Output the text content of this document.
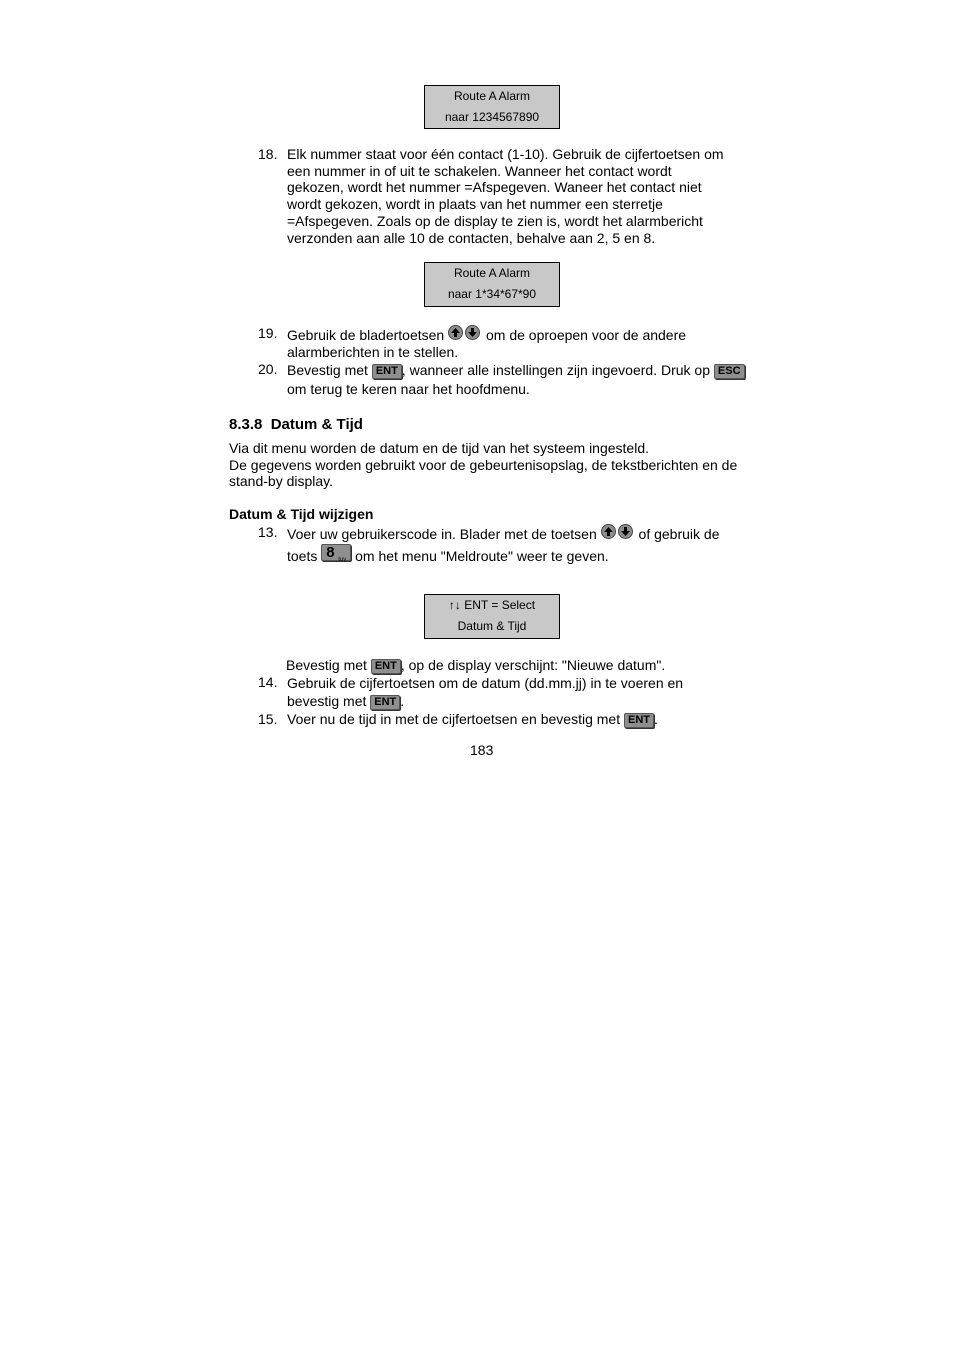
Route A Alarm
naar 1234567890
18. Elk nummer staat voor één contact (1-10). Gebruik de cijfertoetsen om een nummer in of uit te schakelen. Wanneer het contact wordt gekozen, wordt het nummer =Afspegeven. Waneer het contact niet wordt gekozen, wordt in plaats van het nummer een sterretje =Afspegeven. Zoals op de display te zien is, wordt het alarmbericht verzonden aan alle 10 de contacten, behalve aan 2, 5 en 8.
Route A Alarm
naar 1*34*67*90
19. Gebruik de bladertoetsen
om de oproepen voor de andere alarmberichten in te stellen.
20. Bevestig met ENT , wanneer alle instellingen zijn ingevoerd. Druk op ESC om terug te keren naar het hoofdmenu.
8.3.8 Datum & Tijd
Via dit menu worden de datum en de tijd van het systeem ingesteld.
De gegevens worden gebruikt voor de gebeurtenisopslag, de tekstberichten en de stand-by display.
Datum & Tijd wijzigen
13. Voer uw gebruikerscode in. Blader met de toetsen
of gebruik de toets 8 tuv om het menu "Meldroute" weer te geven.
↑↓ ENT = Select
Datum & Tijd
Bevestig met ENT , op de display verschijnt: "Nieuwe datum".
14. Gebruik de cijfertoetsen om de datum (dd.mm.jj) in te voeren en bevestig met ENT .
15. Voer nu de tijd in met de cijfertoetsen en bevestig met ENT .
183
